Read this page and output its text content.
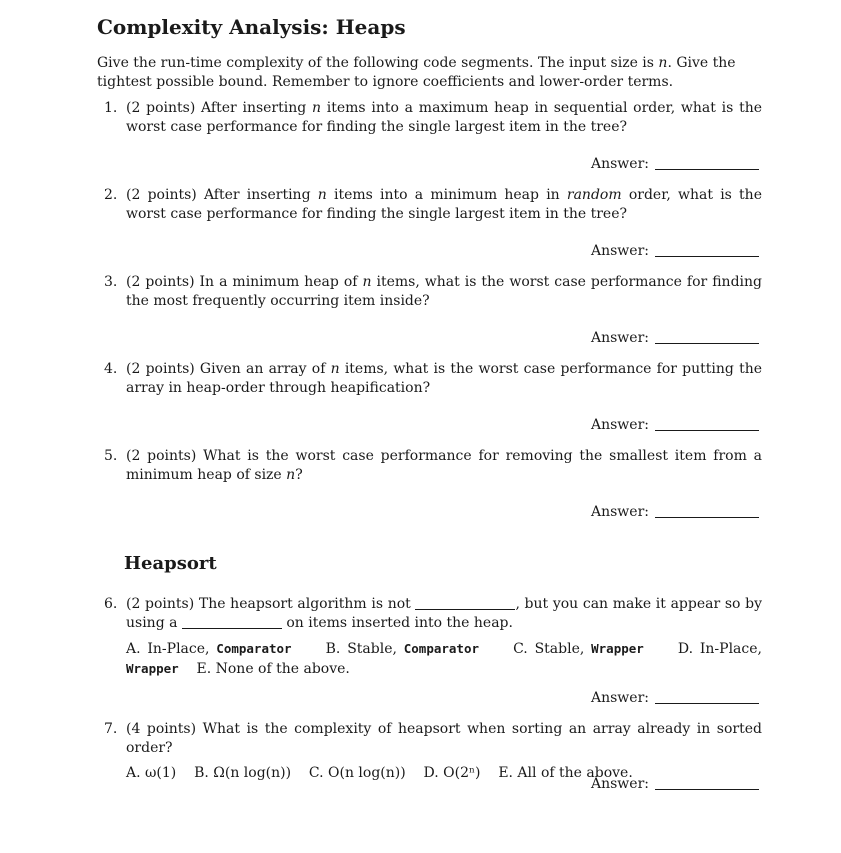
Complexity Analysis: Heaps
Give the run-time complexity of the following code segments. The input size is n. Give the tightest possible bound. Remember to ignore coefficients and lower-order terms.
1. (2 points) After inserting n items into a maximum heap in sequential order, what is the worst case performance for finding the single largest item in the tree?
Answer:
2. (2 points) After inserting n items into a minimum heap in random order, what is the worst case performance for finding the single largest item in the tree?
Answer:
3. (2 points) In a minimum heap of n items, what is the worst case performance for finding the most frequently occurring item inside?
Answer:
4. (2 points) Given an array of n items, what is the worst case performance for putting the array in heap-order through heapification?
Answer:
5. (2 points) What is the worst case performance for removing the smallest item from a minimum heap of size n?
Answer:
Heapsort
6. (2 points) The heapsort algorithm is not	, but you can make it appear so by using a	on items inserted into the heap.
A. In-Place, Comparator B. Stable, Comparator C. Stable, Wrapper D. In-Place, Wrapper E. None of the above.
Answer:
7. (4 points) What is the complexity of heapsort when sorting an array already in sorted order?
A. ω(1) B. Ω(n log(n)) C. O(n log(n)) D. O(2ⁿ) E. All of the above.
Answer:
